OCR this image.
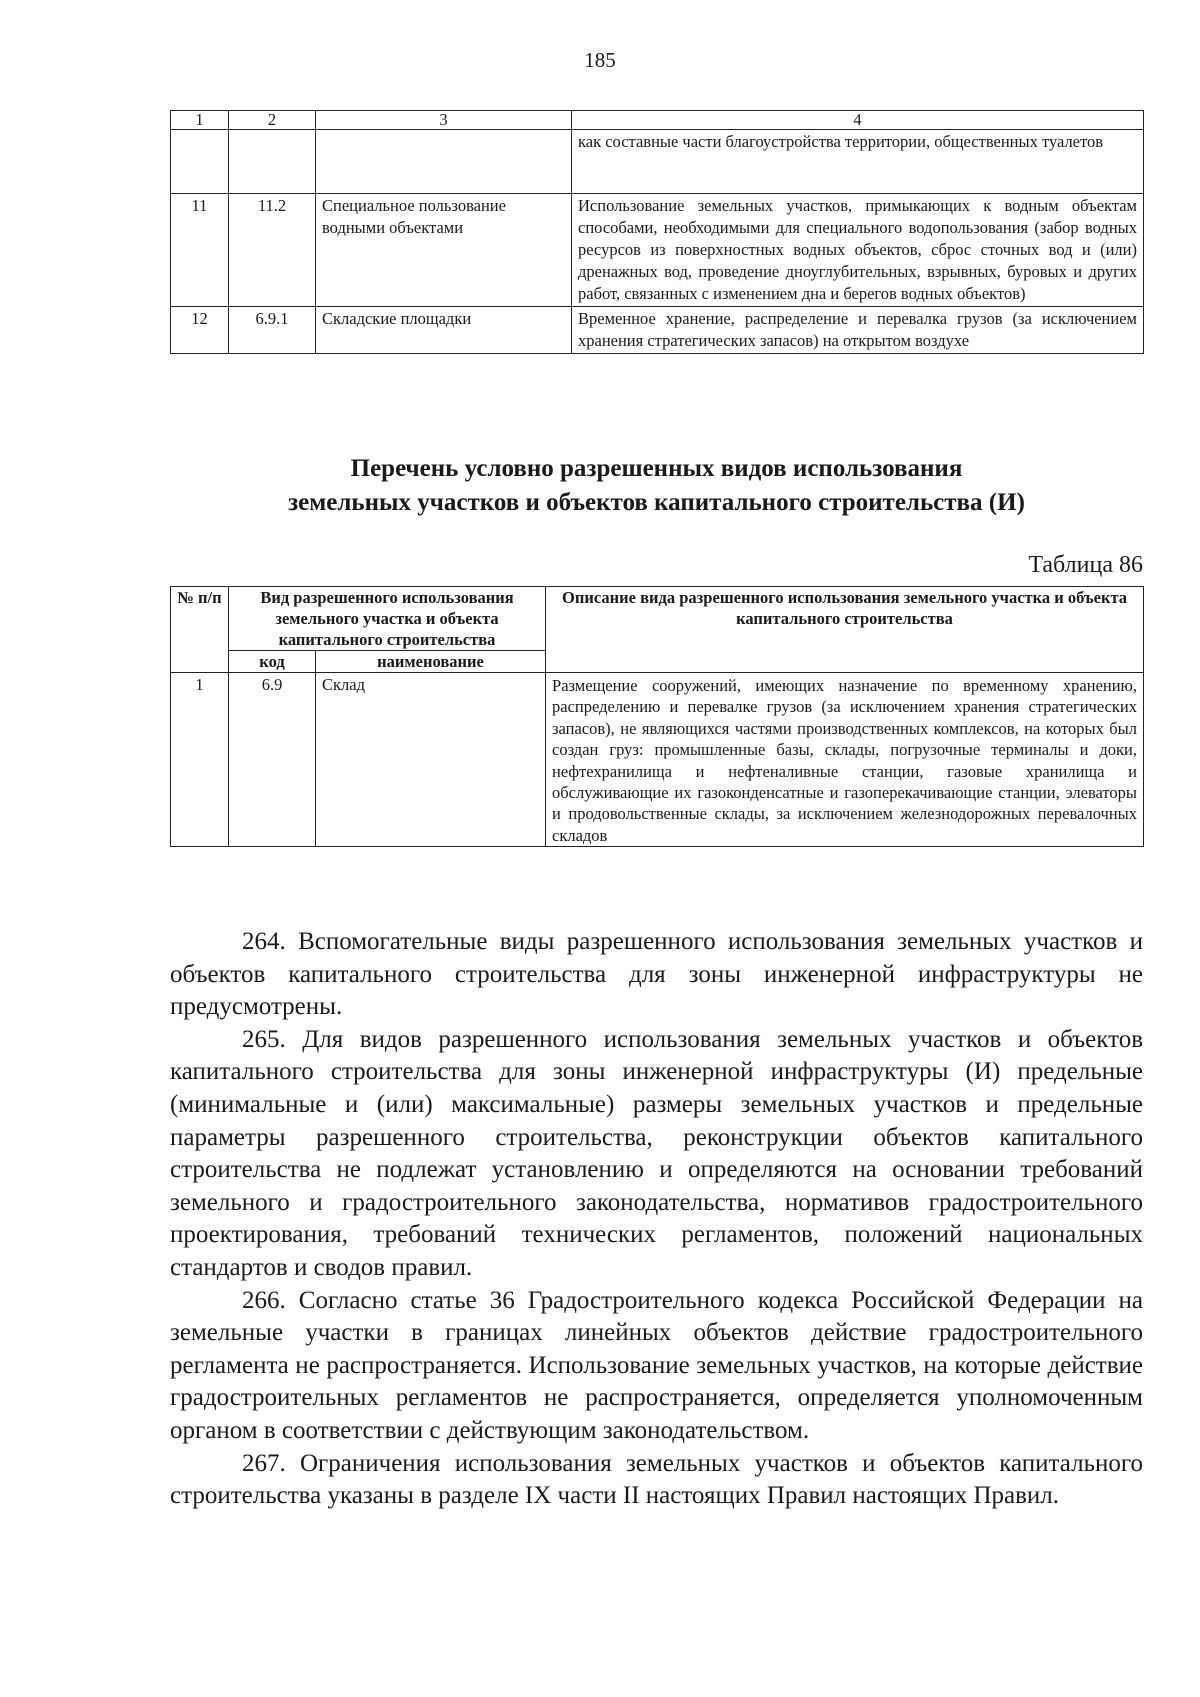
185
1	2	3	4
			как составные части благоустройства территории, общественных туалетов
11	11.2	Специальное пользование водными объектами	Использование земельных участков, примыкающих к водным объектам способами, необходимыми для специального водопользования (забор водных ресурсов из поверхностных водных объектов, сброс сточных вод и (или) дренажных вод, проведение дноуглубительных, взрывных, буровых и других работ, связанных с изменением дна и берегов водных объектов)
12	6.9.1	Складские площадки	Временное хранение, распределение и перевалка грузов (за исключением хранения стратегических запасов) на открытом воздухе
Перечень условно разрешенных видов использования
земельных участков и объектов капитального строительства (И)
Таблица 86
№ п/п	Вид разрешенного использования земельного участка и объекта капитального строительства		Описание вида разрешенного использования земельного участка и объекта капитального строительства
	код	наименование	
1	6.9	Склад	Размещение сооружений, имеющих назначение по временному хранению, распределению и перевалке грузов (за исключением хранения стратегических запасов), не являющихся частями производственных комплексов, на которых был создан груз: промышленные базы, склады, погрузочные терминалы и доки, нефтехранилища и нефтеналивные станции, газовые хранилища и обслуживающие их газоконденсатные и газоперекачивающие станции, элеваторы и продовольственные склады, за исключением железнодорожных перевалочных складов

264. Вспомогательные виды разрешенного использования земельных участков и объектов капитального строительства для зоны инженерной инфраструктуры не предусмотрены.

265. Для видов разрешенного использования земельных участков и объектов капитального строительства для зоны инженерной инфраструктуры (И) предельные (минимальные и (или) максимальные) размеры земельных участков и предельные параметры разрешенного строительства, реконструкции объектов капитального строительства не подлежат установлению и определяются на основании требований земельного и градостроительного законодательства, нормативов градостроительного проектирования, требований технических регламентов, положений национальных стандартов и сводов правил.

266. Согласно статье 36 Градостроительного кодекса Российской Федерации на земельные участки в границах линейных объектов действие градостроительного регламента не распространяется. Использование земельных участков, на которые действие градостроительных регламентов не распространяется, определяется уполномоченным органом в соответствии с действующим законодательством.

267. Ограничения использования земельных участков и объектов капитального строительства указаны в разделе IX части II настоящих Правил настоящих Правил.
